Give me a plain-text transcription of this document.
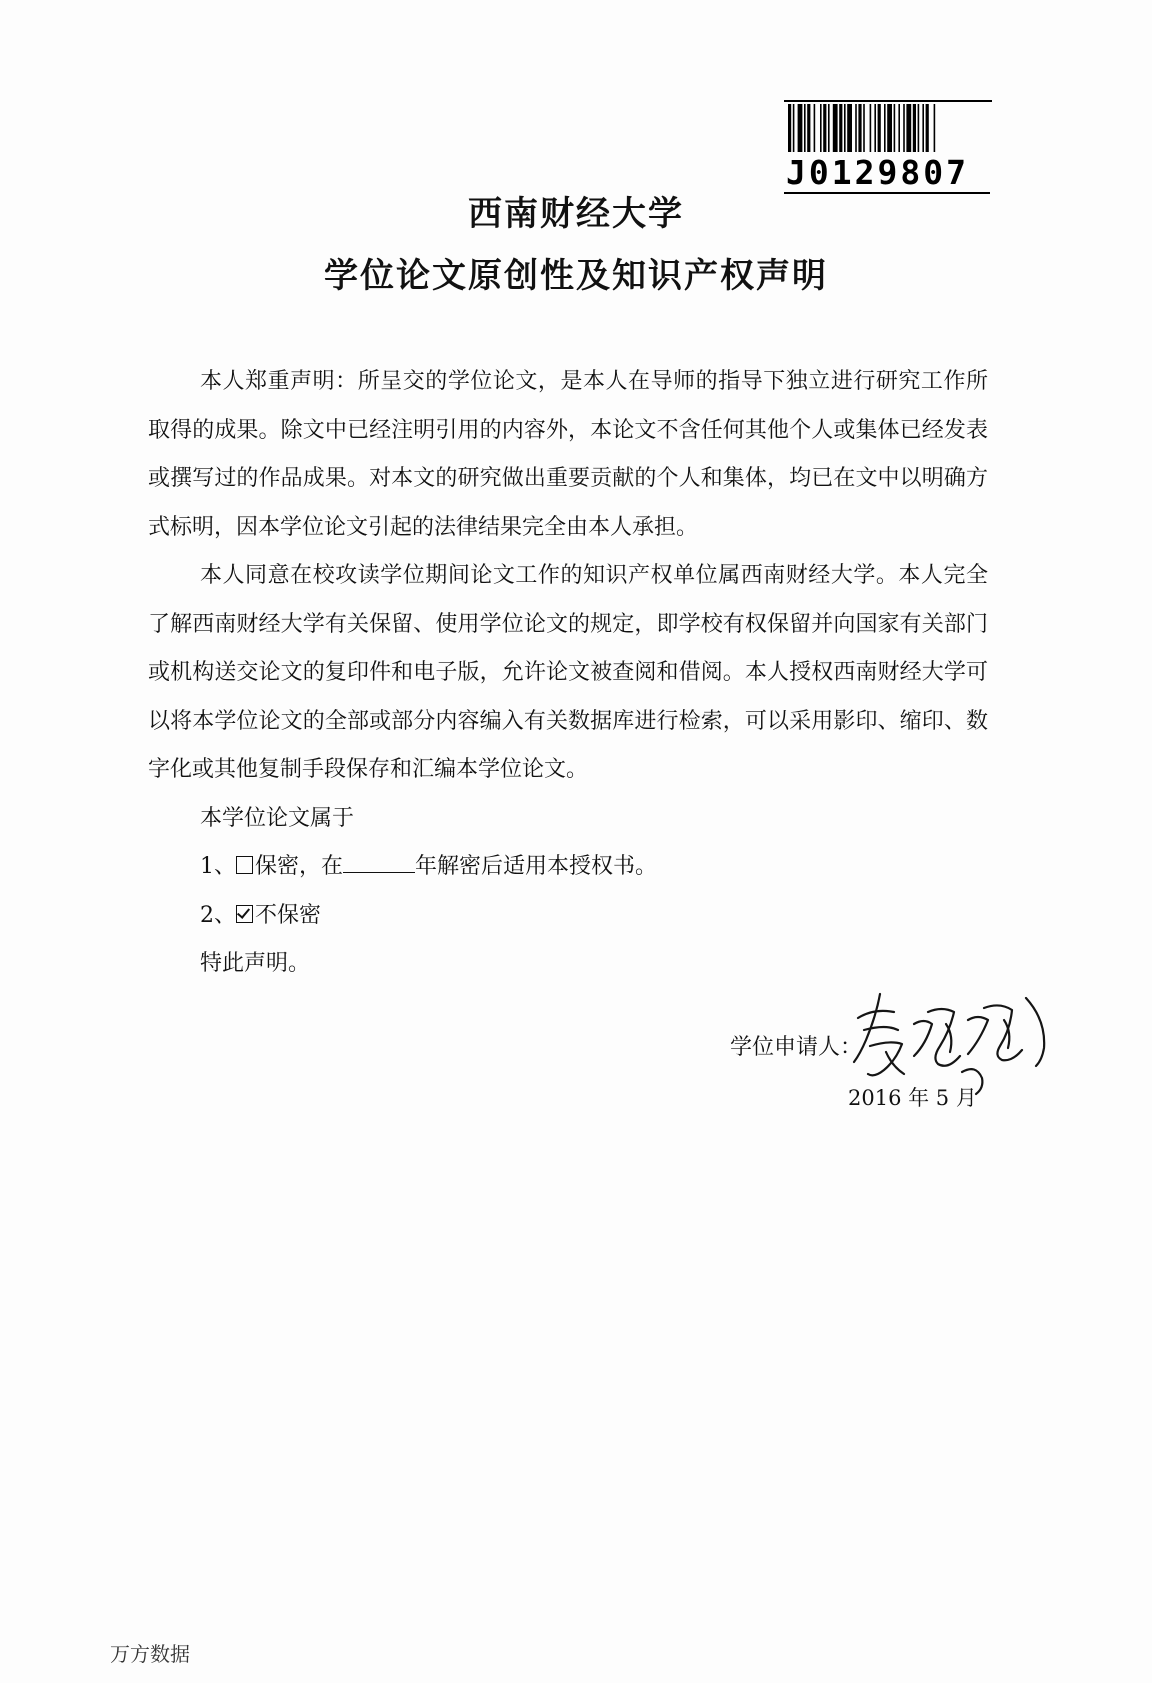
J0129807
西南财经大学
学位论文原创性及知识产权声明

本人郑重声明：所呈交的学位论文，是本人在导师的指导下独立进行研究工作所取得的成果。除文中已经注明引用的内容外，本论文不含任何其他个人或集体已经发表或撰写过的作品成果。对本文的研究做出重要贡献的个人和集体，均已在文中以明确方式标明，因本学位论文引起的法律结果完全由本人承担。

本人同意在校攻读学位期间论文工作的知识产权单位属西南财经大学。本人完全了解西南财经大学有关保留、使用学位论文的规定，即学校有权保留并向国家有关部门或机构送交论文的复印件和电子版，允许论文被查阅和借阅。本人授权西南财经大学可以将本学位论文的全部或部分内容编入有关数据库进行检索，可以采用影印、缩印、数字化或其他复制手段保存和汇编本学位论文。

本学位论文属于

1、 保密，在	年解密后适用本授权书。

2、 不保密

特此声明。

学位申请人：
2016 年 5 月
万方数据
